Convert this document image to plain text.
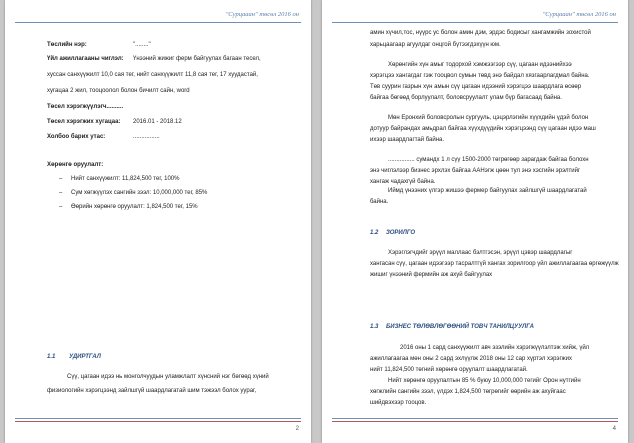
"Сурцааан" төсөл 2016 он
Төслийн нэр:	"........"
Үйл ажиллагааны чиглэл: Үнээний жижиг ферм байгуулах багаан тесел,
хуссан санхүүжилт 10,0 сая тег, нийт санхүүжилт 11,8 сая тег, 17 хуудастай,
хугацаа 2 жил, тооцоолол болон бичилт сайн, word
Төсел хэрэгжүүлэгч..........
Төсел хэрэгжих хугацаа: 2016.01 - 2018.12
Холбоо барих утас:	................
Хөрөнгө оруулалт:
– Нийт санхүүжилт: 11,824,500 тег, 100%
– Сум хөгжүүлэх сангийн зээл: 10,000,000 тег, 85%
– Өөрийн хөрөнгө оруулалт: 1,824,500 тег, 15%
1.1 УДИРТГАЛ
Сүү, цагаан идээ нь монголчуудын уламжлалт хүнсний нэг бөгөөд хүний
физиологийн хэрэгцээнд зайлшгүй шаардлагатай шим тэжээл болох уураг,
2
"Сурцааан" төсөл 2016 он
амин хүчил,тос, нүүрс ус болон амин дэм, эрдэс бодисыг хангамжийн зохистой
харьцаагаар агуулдаг онцгой бүтээгдэхүүн юм.
Хөрөнгийн хүн амыг тодорхой хэмжээгээр сүү, цагаан идээнийхээ
хэрэгцээ хангагдаг гэж тооцвол сумын төвд энэ байдал хязгаарлагдмал байна.
Төв суурин газрын хүн амын сүү цагаан идээний хэрэгцээ шаардлага өсөөр
байгаа бөгөөд борлуулалт, боловсруулалт улам бүр багасаад байна.
Мөн Еронхий боловсролын сургууль, цэцэрлэгийн хүүхдийн үдэй болон
дотуур байрандах амьдрал байгаа хүүхдүүдийн хэрэгцээнд сүү цагаан идээ маш
ихээр шаардлагтай байна.
................ сумандх 1 л сүү 1500-2000 төгрөгөөр зарагдаж байгаа болохн
энэ чиглэлээр бизнес эрхлэх байгаа ААНэгж цөөн тул энэ хэсгийн эрэлтийг
хангаж чадахгүй байна.
Иймд үнээних үлгэр жишээ фермер байгуулах зайлшгүй шаардлагатай
байна.
1.2 ЗОРИЛГО
Хэрэглэгчдийг эрүүл маллаас бэлтгэсэн, эрүүл цэвэр шаардлагыг
хангасан сүү, цагаан идээгээр тасралтгүй хангах зорилгоор үйл ажиллагаагаа өргөжүүлж
жишиг үнээний фермийн аж ахуй байгуулах
1.3 БИЗНЕС ТӨЛӨВЛӨГӨӨНИЙ ТОВЧ ТАНИЛЦУУЛГА
2016 оны 1 сард санхүүжилт авч эзэлийн хэрэгжүүлэлтэж хийж, үйл
ажиллагаагаа мөн оны 2 сард эхлүүлж 2018 оны 12 сар хүртэл хэрэгжих
нийт 11,824,500 төгний хөрөнгө оруулалт шаардлагатай.
Нийт хөрөнгө оруулалтын 85 % буюу 10,000,000 тегийг Орон нутгийн
хөгжлийн сангийн зээл, үлдэх 1,824,500 төгрөгийг өөрийн аж ахуйгаас
шийдвэхээр тооцов.
4
